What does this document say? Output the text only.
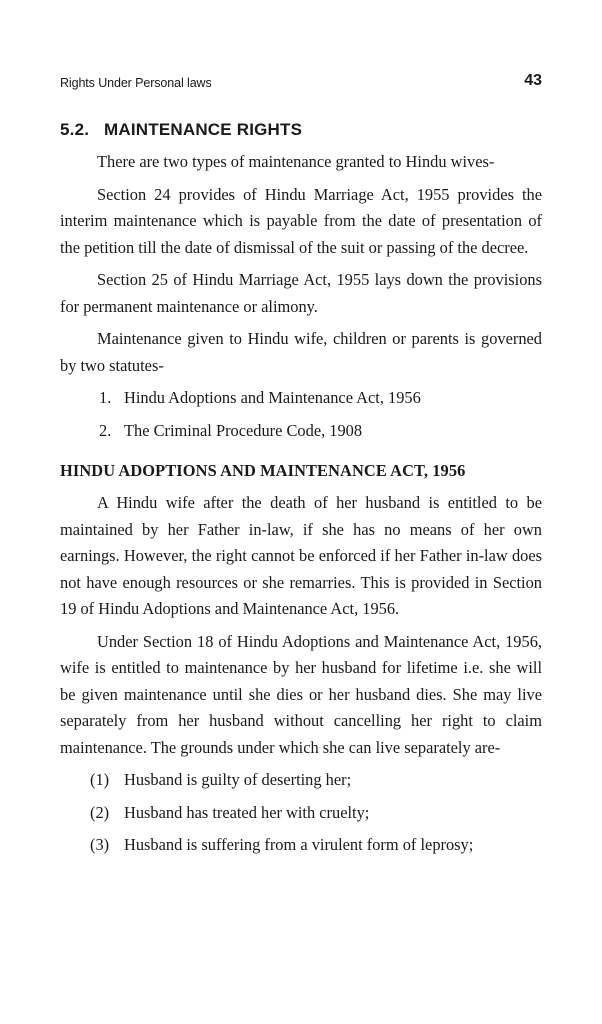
Rights Under Personal laws	43
5.2. MAINTENANCE RIGHTS

There are two types of maintenance granted to Hindu wives-

Section 24 provides of Hindu Marriage Act, 1955 provides the interim maintenance which is payable from the date of presentation of the petition till the date of dismissal of the suit or passing of the decree.

Section 25 of Hindu Marriage Act, 1955 lays down the provisions for permanent maintenance or alimony.

Maintenance given to Hindu wife, children or parents is governed by two statutes-

1. Hindu Adoptions and Maintenance Act, 1956
2. The Criminal Procedure Code, 1908
HINDU ADOPTIONS AND MAINTENANCE ACT, 1956

A Hindu wife after the death of her husband is entitled to be maintained by her Father in-law, if she has no means of her own earnings. However, the right cannot be enforced if her Father in-law does not have enough resources or she remarries. This is provided in Section 19 of Hindu Adoptions and Maintenance Act, 1956.

Under Section 18 of Hindu Adoptions and Maintenance Act, 1956, wife is entitled to maintenance by her husband for lifetime i.e. she will be given maintenance until she dies or her husband dies. She may live separately from her husband without cancelling her right to claim maintenance. The grounds under which she can live separately are-

(1) Husband is guilty of deserting her;
(2) Husband has treated her with cruelty;
(3) Husband is suffering from a virulent form of leprosy;
